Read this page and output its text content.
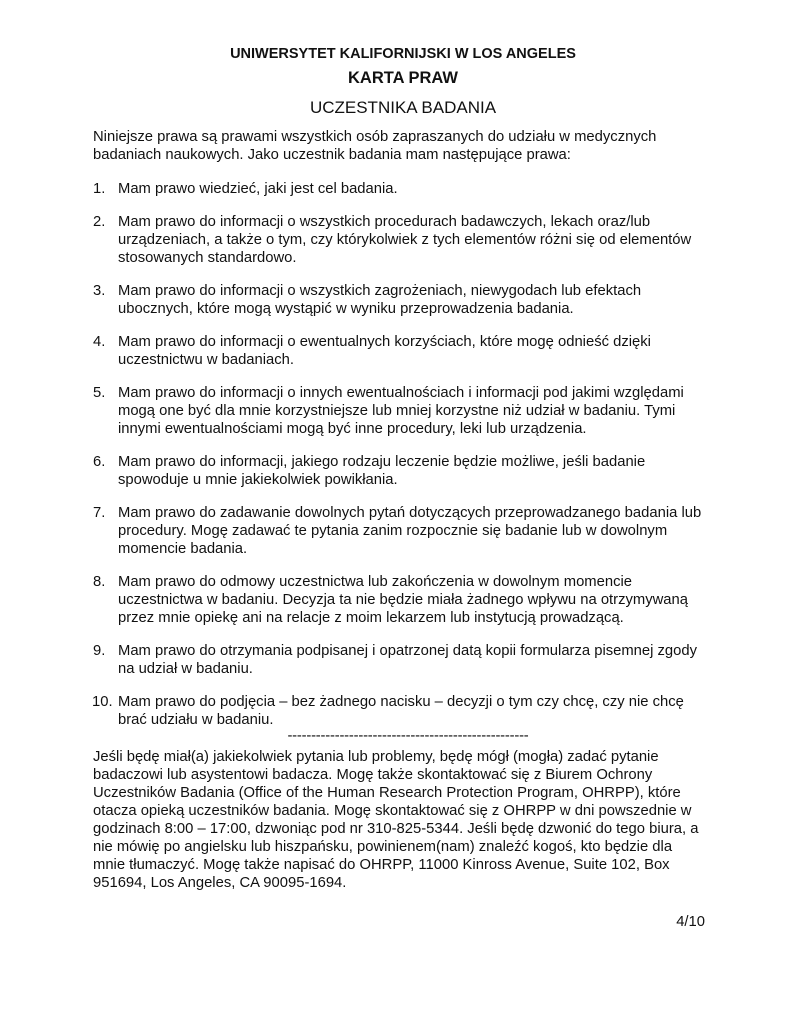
UNIWERSYTET KALIFORNIJSKI W LOS ANGELES

KARTA PRAW

UCZESTNIKA BADANIA

Niniejsze prawa są prawami wszystkich osób zapraszanych do udziału w medycznych badaniach naukowych. Jako uczestnik badania mam następujące prawa:

1. Mam prawo wiedzieć, jaki jest cel badania.
2. Mam prawo do informacji o wszystkich procedurach badawczych, lekach oraz/lub urządzeniach, a także o tym, czy którykolwiek z tych elementów różni się od elementów stosowanych standardowo.
3. Mam prawo do informacji o wszystkich zagrożeniach, niewygodach lub efektach ubocznych, które mogą wystąpić w wyniku przeprowadzenia badania.
4. Mam prawo do informacji o ewentualnych korzyściach, które mogę odnieść dzięki uczestnictwu w badaniach.
5. Mam prawo do informacji o innych ewentualnościach i informacji pod jakimi względami mogą one być dla mnie korzystniejsze lub mniej korzystne niż udział w badaniu. Tymi innymi ewentualnościami mogą być inne procedury, leki lub urządzenia.
6. Mam prawo do informacji, jakiego rodzaju leczenie będzie możliwe, jeśli badanie spowoduje u mnie jakiekolwiek powikłania.
7. Mam prawo do zadawanie dowolnych pytań dotyczących przeprowadzanego badania lub procedury. Mogę zadawać te pytania zanim rozpocznie się badanie lub w dowolnym momencie badania.
8. Mam prawo do odmowy uczestnictwa lub zakończenia w dowolnym momencie uczestnictwa w badaniu. Decyzja ta nie będzie miała żadnego wpływu na otrzymywaną przez mnie opiekę ani na relacje z moim lekarzem lub instytucją prowadzącą.
9. Mam prawo do otrzymania podpisanej i opatrzonej datą kopii formularza pisemnej zgody na udział w badaniu.
10. Mam prawo do podjęcia – bez żadnego nacisku – decyzji o tym czy chcę, czy nie chcę brać udziału w badaniu.

---------------------------------------------------

Jeśli będę miał(a) jakiekolwiek pytania lub problemy, będę mógł (mogła) zadać pytanie badaczowi lub asystentowi badacza. Mogę także skontaktować się z Biurem Ochrony Uczestników Badania (Office of the Human Research Protection Program, OHRPP), które otacza opieką uczestników badania. Mogę skontaktować się z OHRPP w dni powszednie w godzinach 8:00 – 17:00, dzwoniąc pod nr 310-825-5344. Jeśli będę dzwonić do tego biura, a nie mówię po angielsku lub hiszpańsku, powinienem(nam) znaleźć kogoś, kto będzie dla mnie tłumaczyć. Mogę także napisać do OHRPP, 11000 Kinross Avenue, Suite 102, Box 951694, Los Angeles, CA 90095-1694.

4/10
